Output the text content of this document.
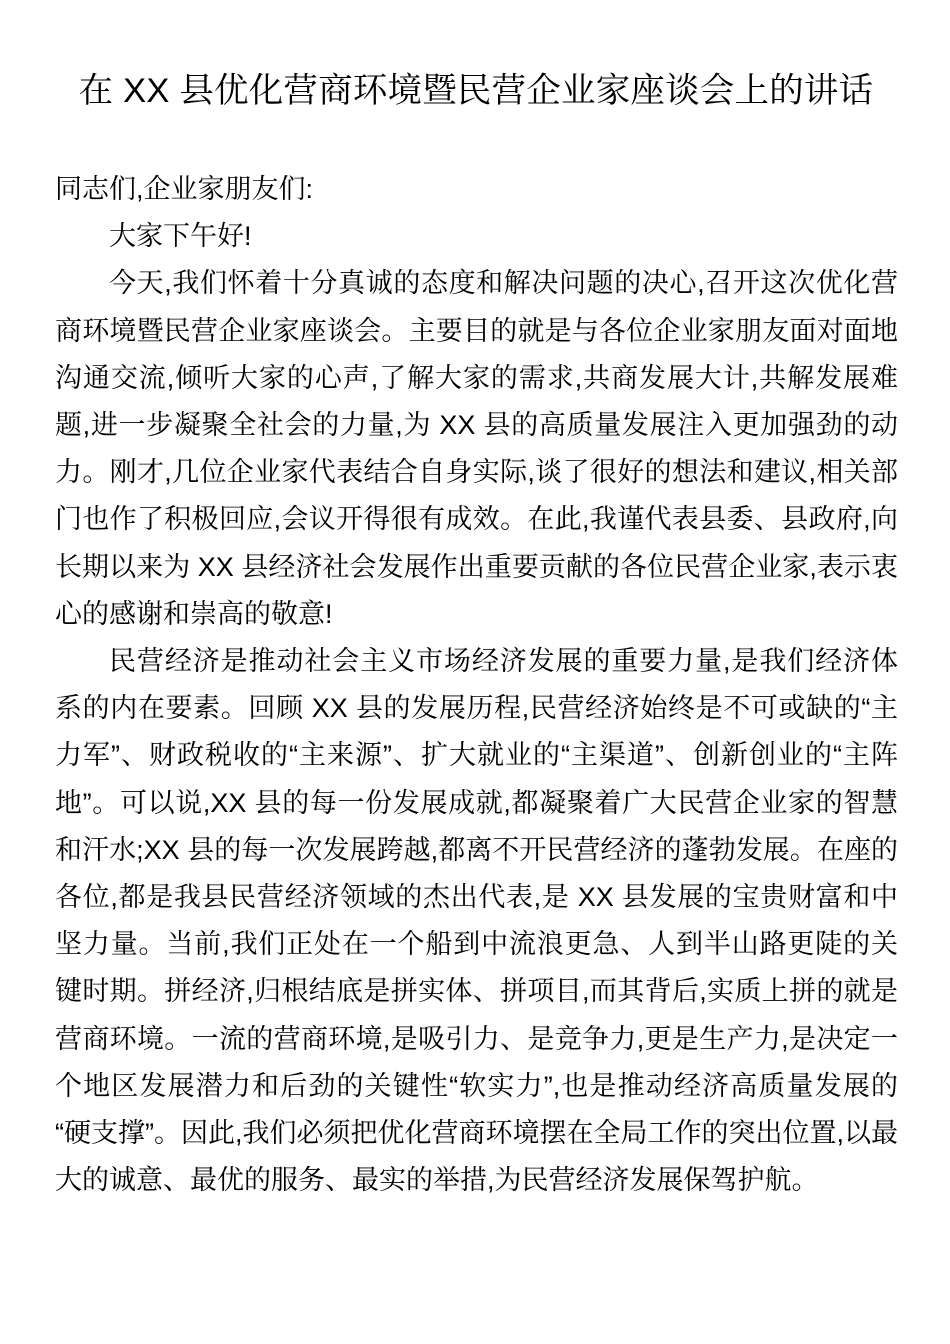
在 XX 县优化营商环境暨民营企业家座谈会上的讲话

同志们,企业家朋友们:

大家下午好!

今天,我们怀着十分真诚的态度和解决问题的决心,召开这次优化营商环境暨民营企业家座谈会。主要目的就是与各位企业家朋友面对面地沟通交流,倾听大家的心声,了解大家的需求,共商发展大计,共解发展难题,进一步凝聚全社会的力量,为 XX 县的高质量发展注入更加强劲的动力。刚才,几位企业家代表结合自身实际,谈了很好的想法和建议,相关部门也作了积极回应,会议开得很有成效。在此,我谨代表县委、县政府,向长期以来为 XX 县经济社会发展作出重要贡献的各位民营企业家,表示衷心的感谢和崇高的敬意!

民营经济是推动社会主义市场经济发展的重要力量,是我们经济体系的内在要素。回顾 XX 县的发展历程,民营经济始终是不可或缺的“主力军”、财政税收的“主来源”、扩大就业的“主渠道”、创新创业的“主阵地”。可以说,XX 县的每一份发展成就,都凝聚着广大民营企业家的智慧和汗水;XX 县的每一次发展跨越,都离不开民营经济的蓬勃发展。在座的各位,都是我县民营经济领域的杰出代表,是 XX 县发展的宝贵财富和中坚力量。当前,我们正处在一个船到中流浪更急、人到半山路更陡的关键时期。拼经济,归根结底是拼实体、拼项目,而其背后,实质上拼的就是营商环境。一流的营商环境,是吸引力、是竞争力,更是生产力,是决定一个地区发展潜力和后劲的关键性“软实力”,也是推动经济高质量发展的“硬支撑”。因此,我们必须把优化营商环境摆在全局工作的突出位置,以最大的诚意、最优的服务、最实的举措,为民营经济发展保驾护航。
